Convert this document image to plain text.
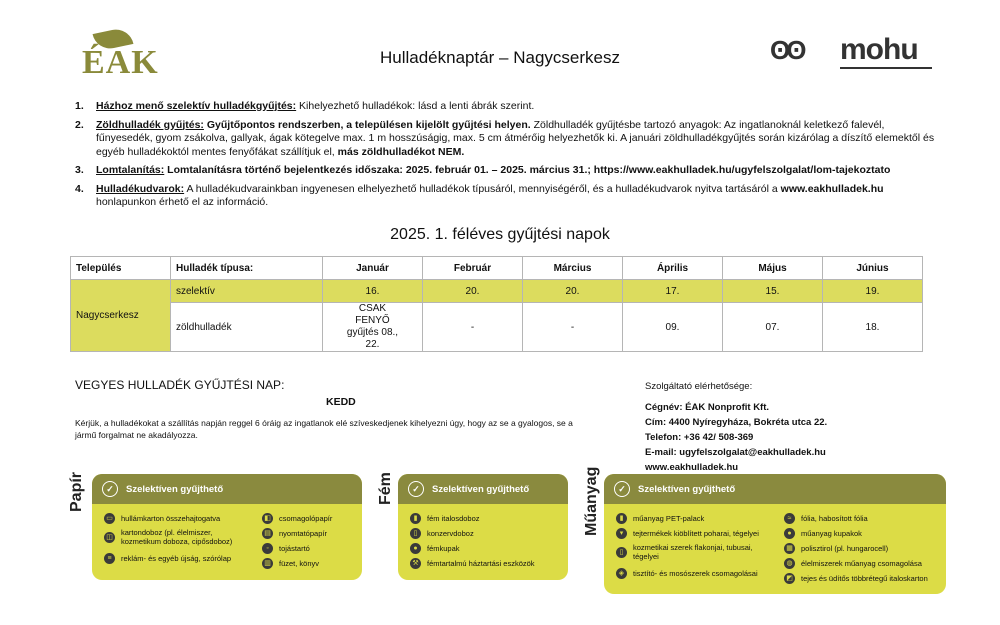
ÉAK
	Hulladéknaptár – Nagycserkesz	ʘʘ mohu
1. Házhoz menő szelektív hulladékgyűjtés: Kihelyezhető hulladékok: lásd a lenti ábrák szerint.
2. Zöldhulladék gyűjtés: Gyűjtőpontos rendszerben, a településen kijelölt gyűjtési helyen. Zöldhulladék gyűjtésbe tartozó anyagok: Az ingatlanoknál keletkező falevél, fűnyesedék, gyom zsákolva, gallyak, ágak kötegelve max. 1 m hosszúságig, max. 5 cm átmérőig helyezhetők ki. A januári zöldhulladékgyűjtés során kizárólag a díszítő elemektől és egyéb hulladékoktól mentes fenyőfákat szállítjuk el, más zöldhulladékot NEM.
3. Lomtalanítás: Lomtalanításra történő bejelentkezés időszaka: 2025. február 01. – 2025. március 31.; https://www.eakhulladek.hu/ugyfelszolgalat/lom-tajekoztato
4. Hulladékudvarok: A hulladékudvarainkban ingyenesen elhelyezhető hulladékok típusáról, mennyiségéről, és a hulladékudvarok nyitva tartásáról a www.eakhulladek.hu honlapunkon érhető el az információ.
2025. 1. féléves gyűjtési napok
Település	Hulladék típusa:	Január	Február	Március	Április	Május	Június
Nagycserkesz	szelektív	16.	20.	20.	17.	15.	19.
	zöldhulladék	CSAK FENYŐ gyűjtés 08., 22.	-	-	09.	07.	18.
VEGYES HULLADÉK GYŰJTÉSI NAP:
KEDD
Kérjük, a hulladékokat a szállítás napján reggel 6 óráig az ingatlanok elé szíveskedjenek kihelyezni úgy, hogy az se a gyalogos, se a jármű forgalmat ne akadályozza.
Szolgáltató elérhetősége:
Cégnév: ÉAK Nonprofit Kft.
Cím: 4400 Nyíregyháza, Bokréta utca 22.
Telefon: +36 42/ 508-369
E-mail: ugyfelszolgalat@eakhulladek.hu
www.eakhulladek.hu
Papír	✓	Szelektíven gyűjthető
▭ hullámkarton összehajtogatva
◫ kartondoboz (pl. élelmiszer, kozmetikum doboza, cipősdoboz)
≡	reklám- és egyéb újság, szórólap
◧ csomagolópapír
▤ nyomtatópapír
◦	tojástartó
▥ füzet, könyv
Fém	✓	Szelektíven gyűjthető
▮	fém italosdoboz
▯	konzervdoboz
●	fémkupak
⚒	fémtartalmú háztartási eszközök
Műanyag	✓	Szelektíven gyűjthető
▮	műanyag PET-palack
▾	tejtermékek kiöblített poharai, tégelyei
▯	kozmetikai szerek flakonjai, tubusai, tégelyei
◈	tisztító- és mosószerek csomagolásai
≈	fólia, habosított fólia
●	műanyag kupakok
▦ polisztirol (pl. hungarocell)
◍	élelmiszerek műanyag csomagolása
◩ tejes és üdítős többrétegű italoskarton
